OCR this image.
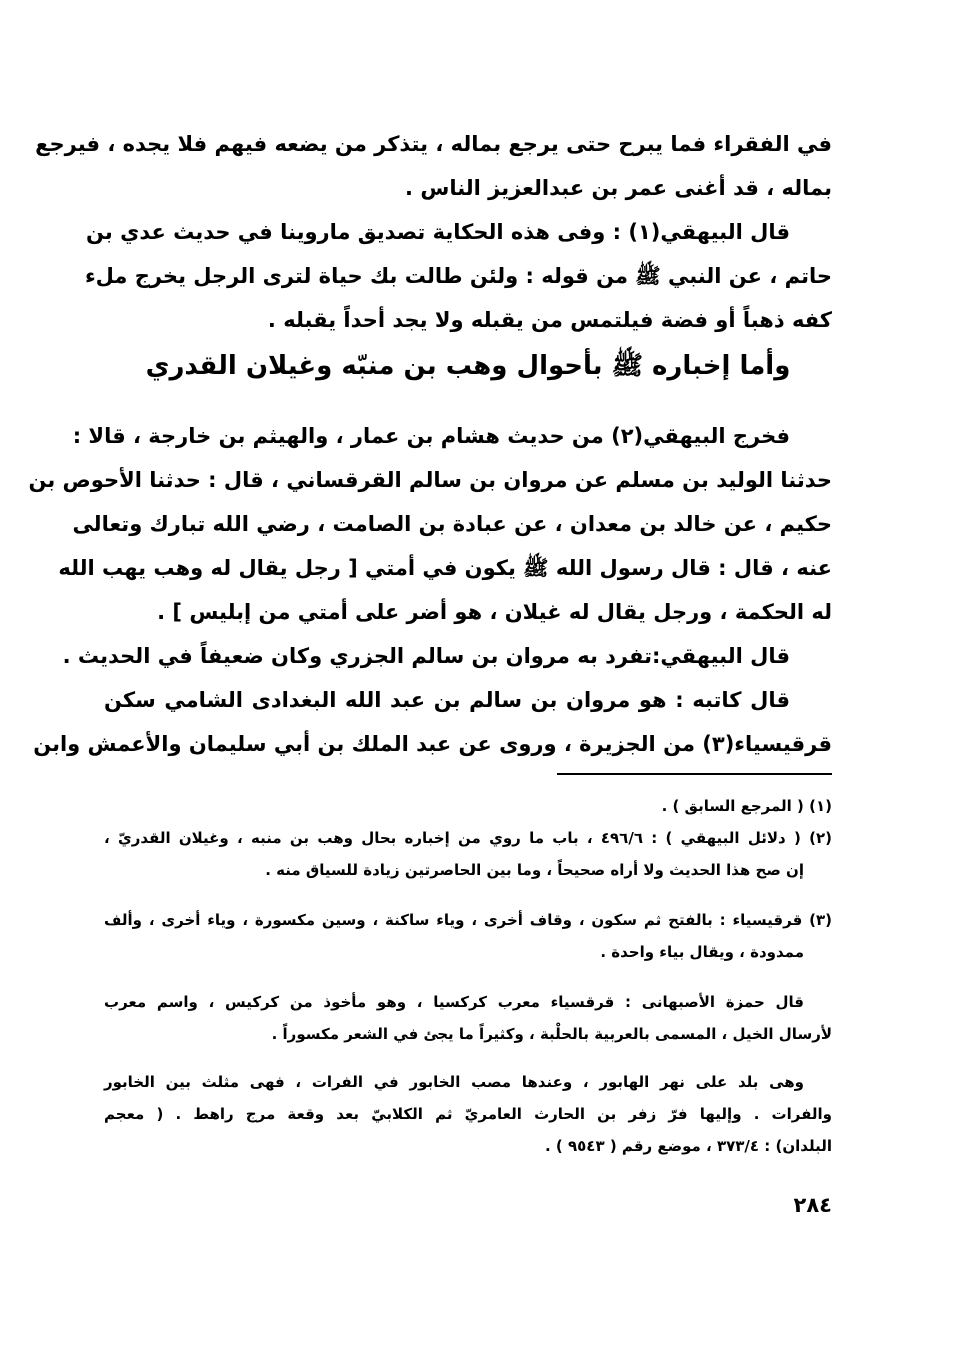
في الفقراء فما يبرح حتى يرجع بماله ، يتذكر من يضعه فيهم فلا يجده ، فيرجع
بماله ، قد أغنى عمر بن عبدالعزيز الناس .
قال البيهقي(١) : وفى هذه الحكاية تصديق ماروينا في حديث عدي بن
حاتم ، عن النبي ﷺ من قوله : ولئن طالت بك حياة لترى الرجل يخرج ملء
كفه ذهباً أو فضة فيلتمس من يقبله ولا يجد أحداً يقبله .
وأما إخباره ﷺ بأحوال وهب بن منبّه وغيلان القدري
فخرج البيهقي(٢) من حديث هشام بن عمار ، والهيثم بن خارجة ، قالا :
حدثنا الوليد بن مسلم عن مروان بن سالم القرقساني ، قال : حدثنا الأحوص بن
حكيم ، عن خالد بن معدان ، عن عبادة بن الصامت ، رضي الله تبارك وتعالى
عنه ، قال : قال رسول الله ﷺ يكون في أمتي [ رجل يقال له وهب يهب الله
له الحكمة ، ورجل يقال له غيلان ، هو أضر على أمتي من إبليس ] .
قال البيهقي:تفرد به مروان بن سالم الجزري وكان ضعيفاً في الحديث .
قال كاتبه : هو مروان بن سالم بن عبد الله البغدادى الشامي سكن
قرقيسياء(٣) من الجزيرة ، وروى عن عبد الملك بن أبي سليمان والأعمش وابن
(١) ( المرجع السابق ) .
(٢) ( دلائل البيهقي ) : ٤٩٦/٦ ، باب ما روي من إخباره بحال وهب بن منبه ، وغيلان القدريّ ،
إن صح هذا الحديث ولا أراه صحيحاً ، وما بين الحاصرتين زيادة للسياق منه .
(٣) قرقيسياء : بالفتح ثم سكون ، وقاف أخرى ، وياء ساكنة ، وسين مكسورة ، وياء أخرى ، وألف
ممدودة ، ويقال بياء واحدة .
قال حمزة الأصبهانى : قرقسياء معرب كركسيا ، وهو مأخوذ من كركيس ، واسم معرب
لأرسال الخيل ، المسمى بالعربية بالحلْبة ، وكثيراً ما يجئ في الشعر مكسوراً .
وهى بلد على نهر الهابور ، وعندها مصب الخابور في الفرات ، فهى مثلث بين الخابور
والفرات . وإليها فرّ زفر بن الحارث العامريّ ثم الكلابيّ بعد وقعة مرج راهط . ( معجم
البلدان) : ٣٧٣/٤ ، موضع رقم ( ٩٥٤٣ ) .
٢٨٤
